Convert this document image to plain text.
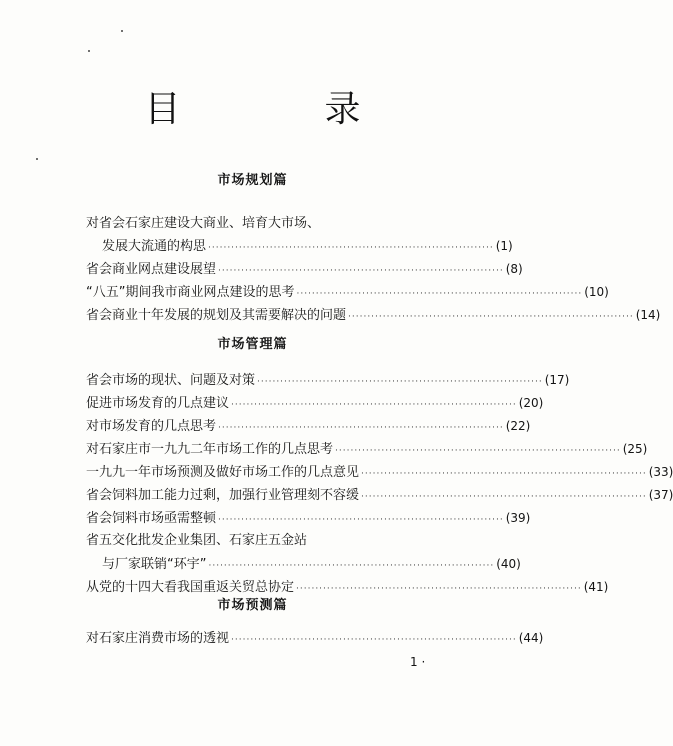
目　录
市场规划篇
对省会石家庄建设大商业、培育大市场、
发展大流通的构思 ·········································································· (1)
省会商业网点建设展望 ·········································································· (8)
“八五”期间我市商业网点建设的思考 ·········································································· (10)
省会商业十年发展的规划及其需要解决的问题 ·········································································· (14)
市场管理篇
省会市场的现状、问题及对策 ·········································································· (17)
促进市场发育的几点建议 ·········································································· (20)
对市场发育的几点思考 ·········································································· (22)
对石家庄市一九九二年市场工作的几点思考 ·········································································· (25)
一九九一年市场预测及做好市场工作的几点意见 ·········································································· (33)
省会饲料加工能力过剩，加强行业管理刻不容缓 ·········································································· (37)
省会饲料市场亟需整顿 ·········································································· (39)
省五交化批发企业集团、石家庄五金站
与厂家联销“环宇” ·········································································· (40)
从党的十四大看我国重返关贸总协定 ·········································································· (41)
市场预测篇
对石家庄消费市场的透视 ·········································································· (44)
1 ·
